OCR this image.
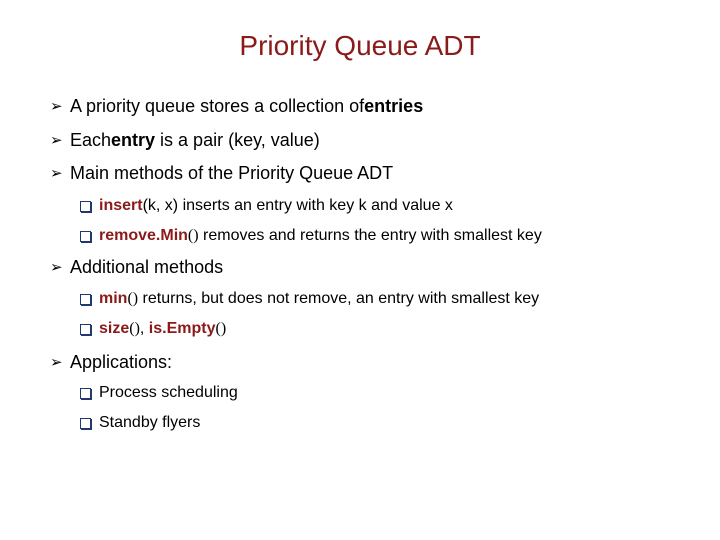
Priority Queue ADT
➢ A priority queue stores a collection of entries
➢ Each entry is a pair (key, value)
➢ Main methods of the Priority Queue ADT
insert (k, x) inserts an entry with key k and value x
remove.Min () removes and returns the entry with smallest key
➢ Additional methods
min () returns, but does not remove, an entry with smallest key
size () , is.Empty ()
➢ Applications:
Process scheduling
Standby flyers
